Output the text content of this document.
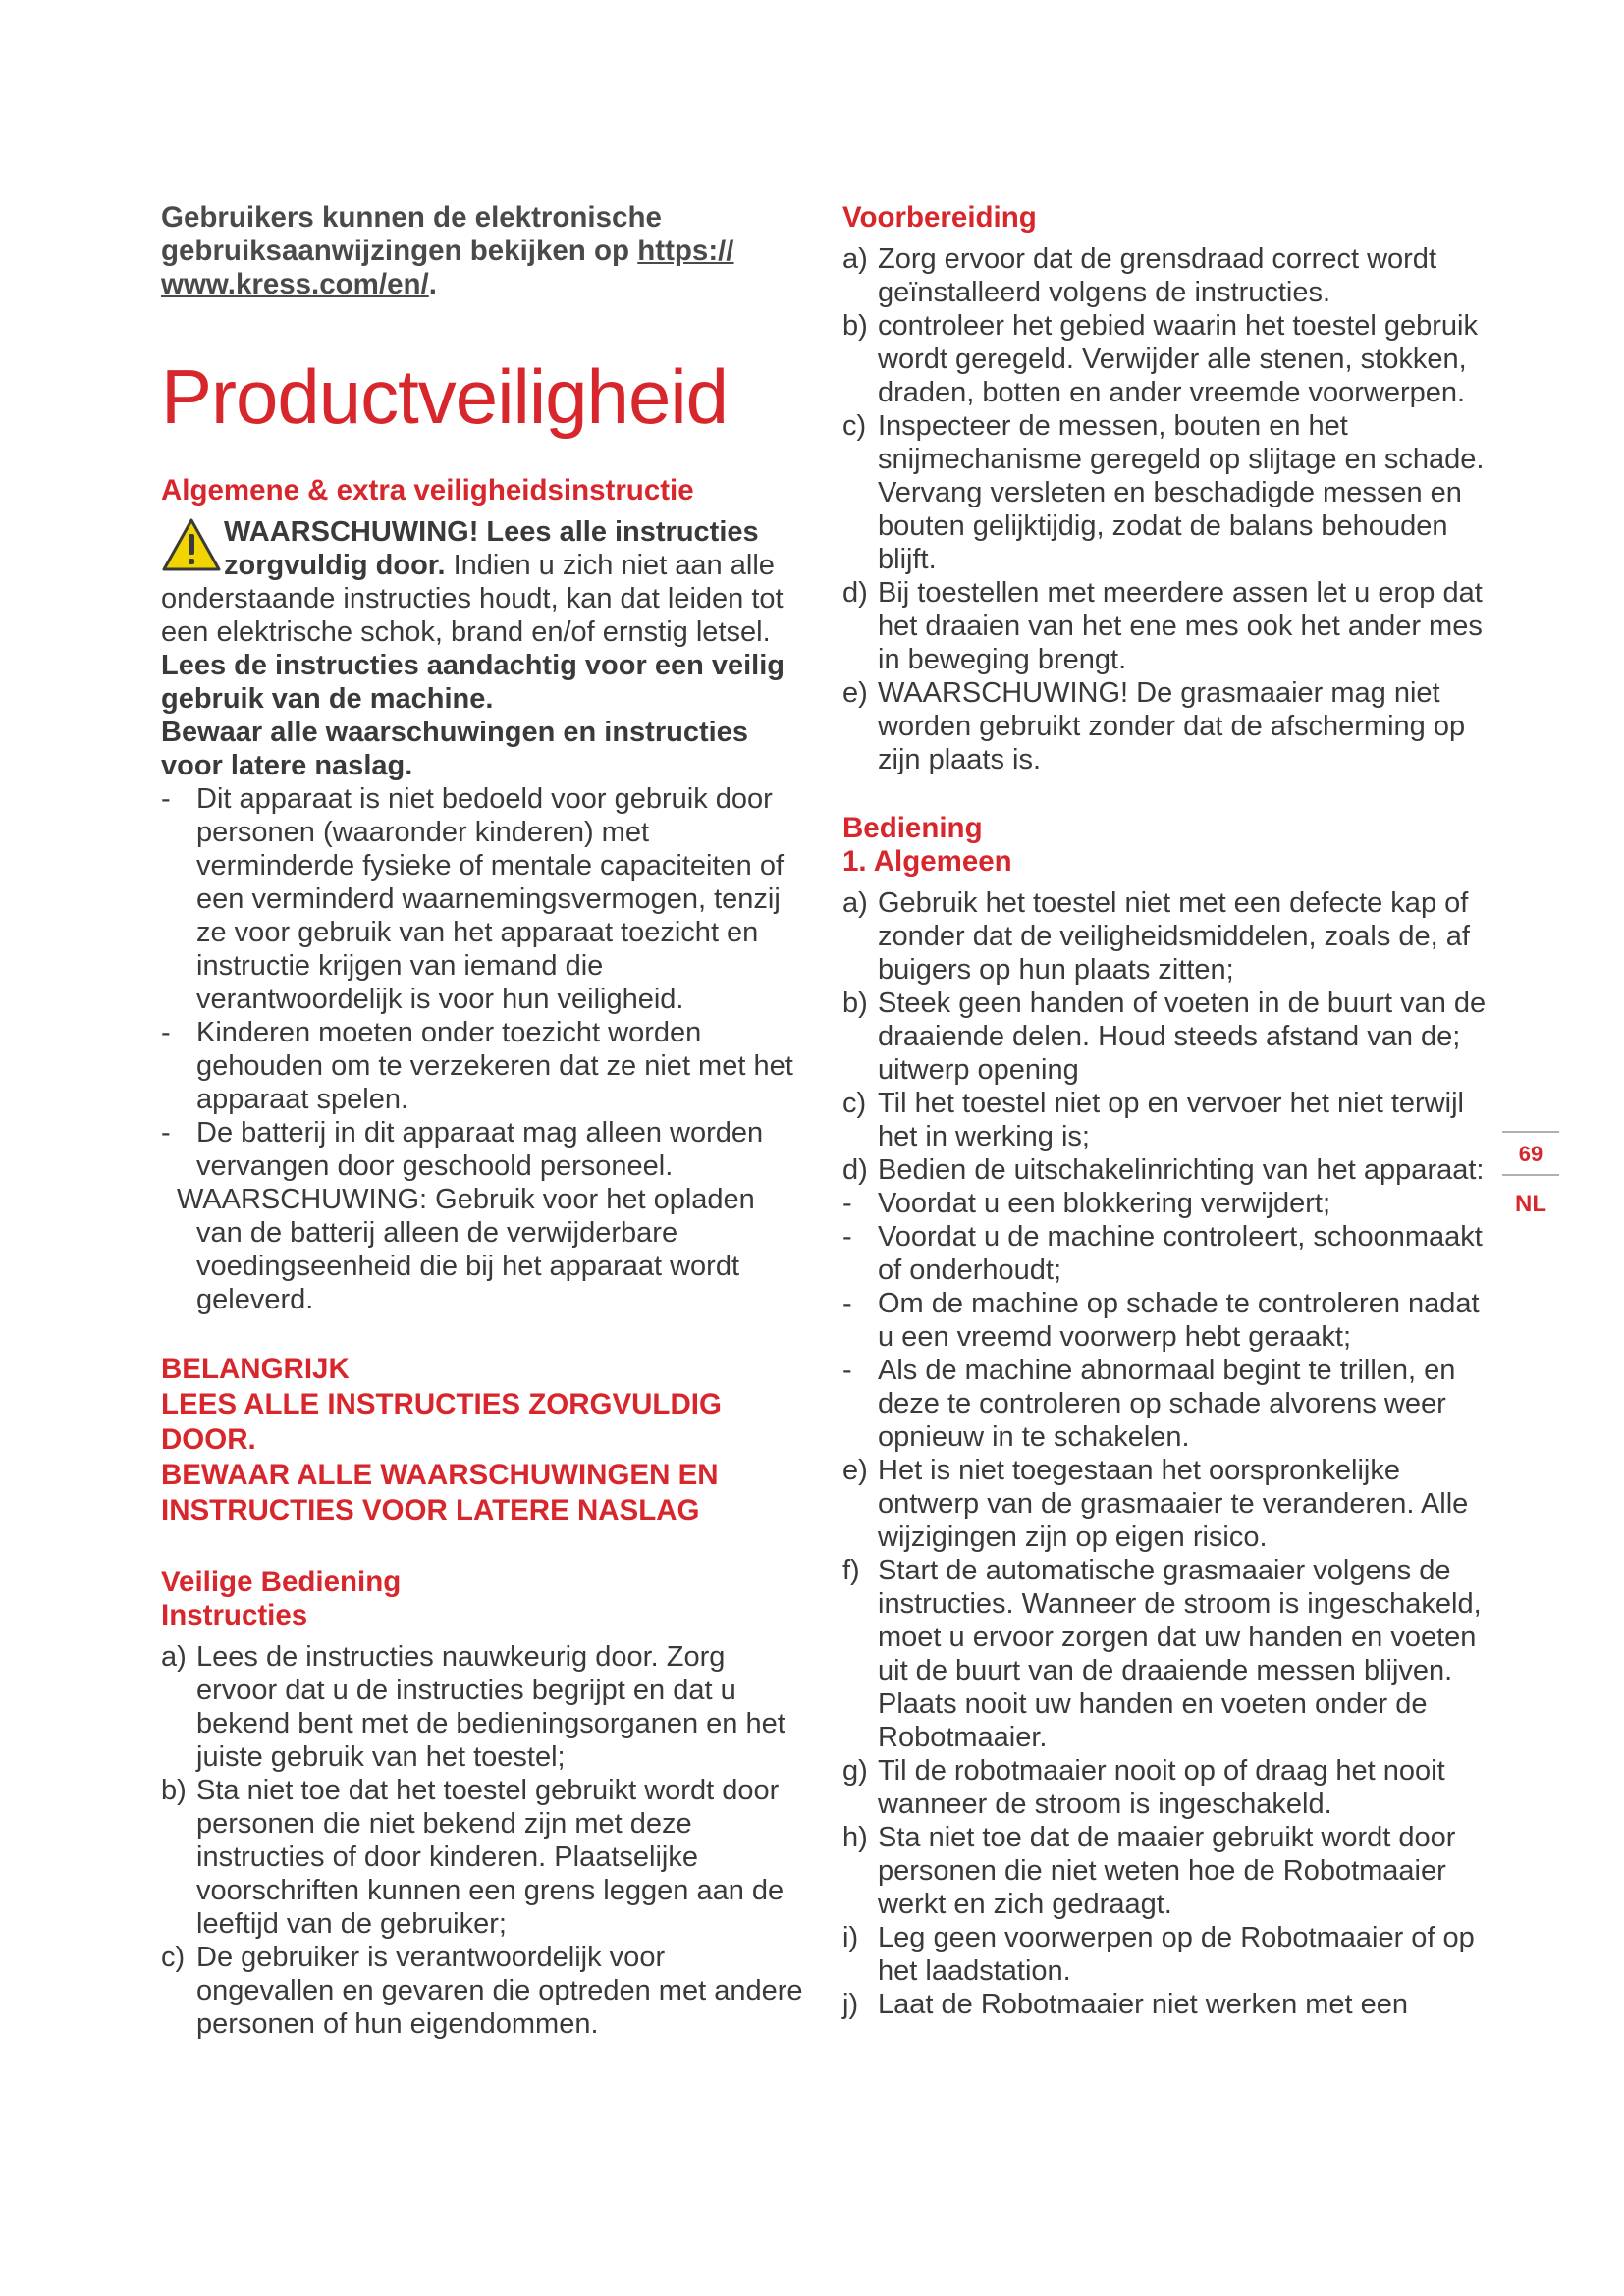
69
NL

Gebruikers kunnen de elektronische gebruiksaanwijzingen bekijken op https:// www.kress.com/en/.

Productveiligheid
Algemene & extra veiligheidsinstructie
WAARSCHUWING! Lees alle instructies
zorgvuldig door. Indien u zich niet aan alle onderstaande instructies houdt, kan dat leiden tot een elektrische schok, brand en/of ernstig letsel.

Lees de instructies aandachtig voor een veilig gebruik van de machine.

Bewaar alle waarschuwingen en instructies voor latere naslag.

- Dit apparaat is niet bedoeld voor gebruik door personen (waaronder kinderen) met verminderde fysieke of mentale capaciteiten of een verminderd waarnemingsvermogen, tenzij ze voor gebruik van het apparaat toezicht en instructie krijgen van iemand die verantwoordelijk is voor hun veiligheid.
- Kinderen moeten onder toezicht worden gehouden om te verzekeren dat ze niet met het apparaat spelen.
- De batterij in dit apparaat mag alleen worden vervangen door geschoold personeel.

WAARSCHUWING: Gebruik voor het opladen
van de batterij alleen de verwijderbare voedingseenheid die bij het apparaat wordt geleverd.

BELANGRIJK
LEES ALLE INSTRUCTIES ZORGVULDIG DOOR.
BEWAAR ALLE WAARSCHUWINGEN EN INSTRUCTIES VOOR LATERE NASLAG
Veilige Bediening
Instructies
a) Lees de instructies nauwkeurig door. Zorg ervoor dat u de instructies begrijpt en dat u bekend bent met de bedieningsorganen en het juiste gebruik van het toestel;
b) Sta niet toe dat het toestel gebruikt wordt door personen die niet bekend zijn met deze instructies of door kinderen. Plaatselijke voorschriften kunnen een grens leggen aan de leeftijd van de gebruiker;
c) De gebruiker is verantwoordelijk voor ongevallen en gevaren die optreden met andere personen of hun eigendommen.
Voorbereiding
a) Zorg ervoor dat de grensdraad correct wordt geïnstalleerd volgens de instructies.
b) controleer het gebied waarin het toestel gebruik wordt geregeld. Verwijder alle stenen, stokken, draden, botten en ander vreemde voorwerpen.
c) Inspecteer de messen, bouten en het snijmechanisme geregeld op slijtage en schade. Vervang versleten en beschadigde messen en bouten gelijktijdig, zodat de balans behouden blijft.
d) Bij toestellen met meerdere assen let u erop dat het draaien van het ene mes ook het ander mes in beweging brengt.
e) WAARSCHUWING! De grasmaaier mag niet worden gebruikt zonder dat de afscherming op zijn plaats is.
Bediening
1. Algemeen
a) Gebruik het toestel niet met een defecte kap of zonder dat de veiligheidsmiddelen, zoals de, af buigers op hun plaats zitten;
b) Steek geen handen of voeten in de buurt van de draaiende delen. Houd steeds afstand van de; uitwerp opening
c) Til het toestel niet op en vervoer het niet terwijl het in werking is;
d) Bedien de uitschakelinrichting van het apparaat:
- Voordat u een blokkering verwijdert;
- Voordat u de machine controleert, schoonmaakt of onderhoudt;
- Om de machine op schade te controleren nadat u een vreemd voorwerp hebt geraakt;
- Als de machine abnormaal begint te trillen, en deze te controleren op schade alvorens weer opnieuw in te schakelen.
e) Het is niet toegestaan het oorspronkelijke ontwerp van de grasmaaier te veranderen. Alle wijzigingen zijn op eigen risico.
f) Start de automatische grasmaaier volgens de instructies. Wanneer de stroom is ingeschakeld, moet u ervoor zorgen dat uw handen en voeten uit de buurt van de draaiende messen blijven. Plaats nooit uw handen en voeten onder de Robotmaaier.
g) Til de robotmaaier nooit op of draag het nooit wanneer de stroom is ingeschakeld.
h) Sta niet toe dat de maaier gebruikt wordt door personen die niet weten hoe de Robotmaaier werkt en zich gedraagt.
i) Leg geen voorwerpen op de Robotmaaier of op het laadstation.
j) Laat de Robotmaaier niet werken met een
